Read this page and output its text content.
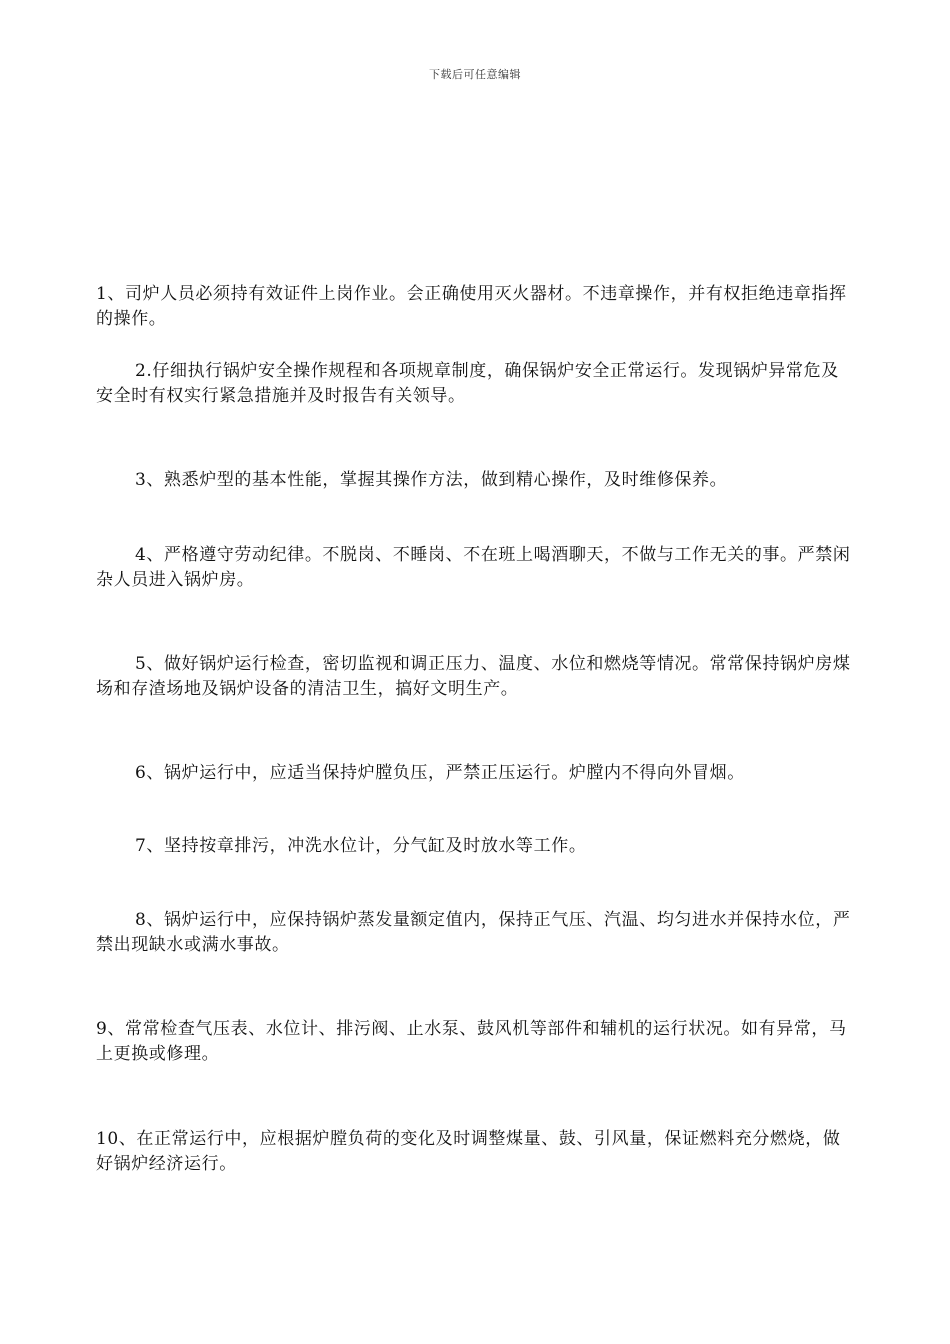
下载后可任意编辑

1、司炉人员必须持有效证件上岗作业。会正确使用灭火器材。不违章操作，并有权拒绝违章指挥的操作。

2.仔细执行锅炉安全操作规程和各项规章制度，确保锅炉安全正常运行。发现锅炉异常危及安全时有权实行紧急措施并及时报告有关领导。

3、熟悉炉型的基本性能，掌握其操作方法，做到精心操作，及时维修保养。

4、严格遵守劳动纪律。不脱岗、不睡岗、不在班上喝酒聊天，不做与工作无关的事。严禁闲杂人员进入锅炉房。

5、做好锅炉运行检查，密切监视和调正压力、温度、水位和燃烧等情况。常常保持锅炉房煤场和存渣场地及锅炉设备的清洁卫生，搞好文明生产。

6、锅炉运行中，应适当保持炉膛负压，严禁正压运行。炉膛内不得向外冒烟。

7、坚持按章排污，冲洗水位计，分气缸及时放水等工作。

8、锅炉运行中，应保持锅炉蒸发量额定值内，保持正气压、汽温、均匀进水并保持水位，严禁出现缺水或满水事故。

9、常常检查气压表、水位计、排污阀、止水泵、鼓风机等部件和辅机的运行状况。如有异常，马上更换或修理。

10、在正常运行中，应根据炉膛负荷的变化及时调整煤量、鼓、引风量，保证燃料充分燃烧，做好锅炉经济运行。
